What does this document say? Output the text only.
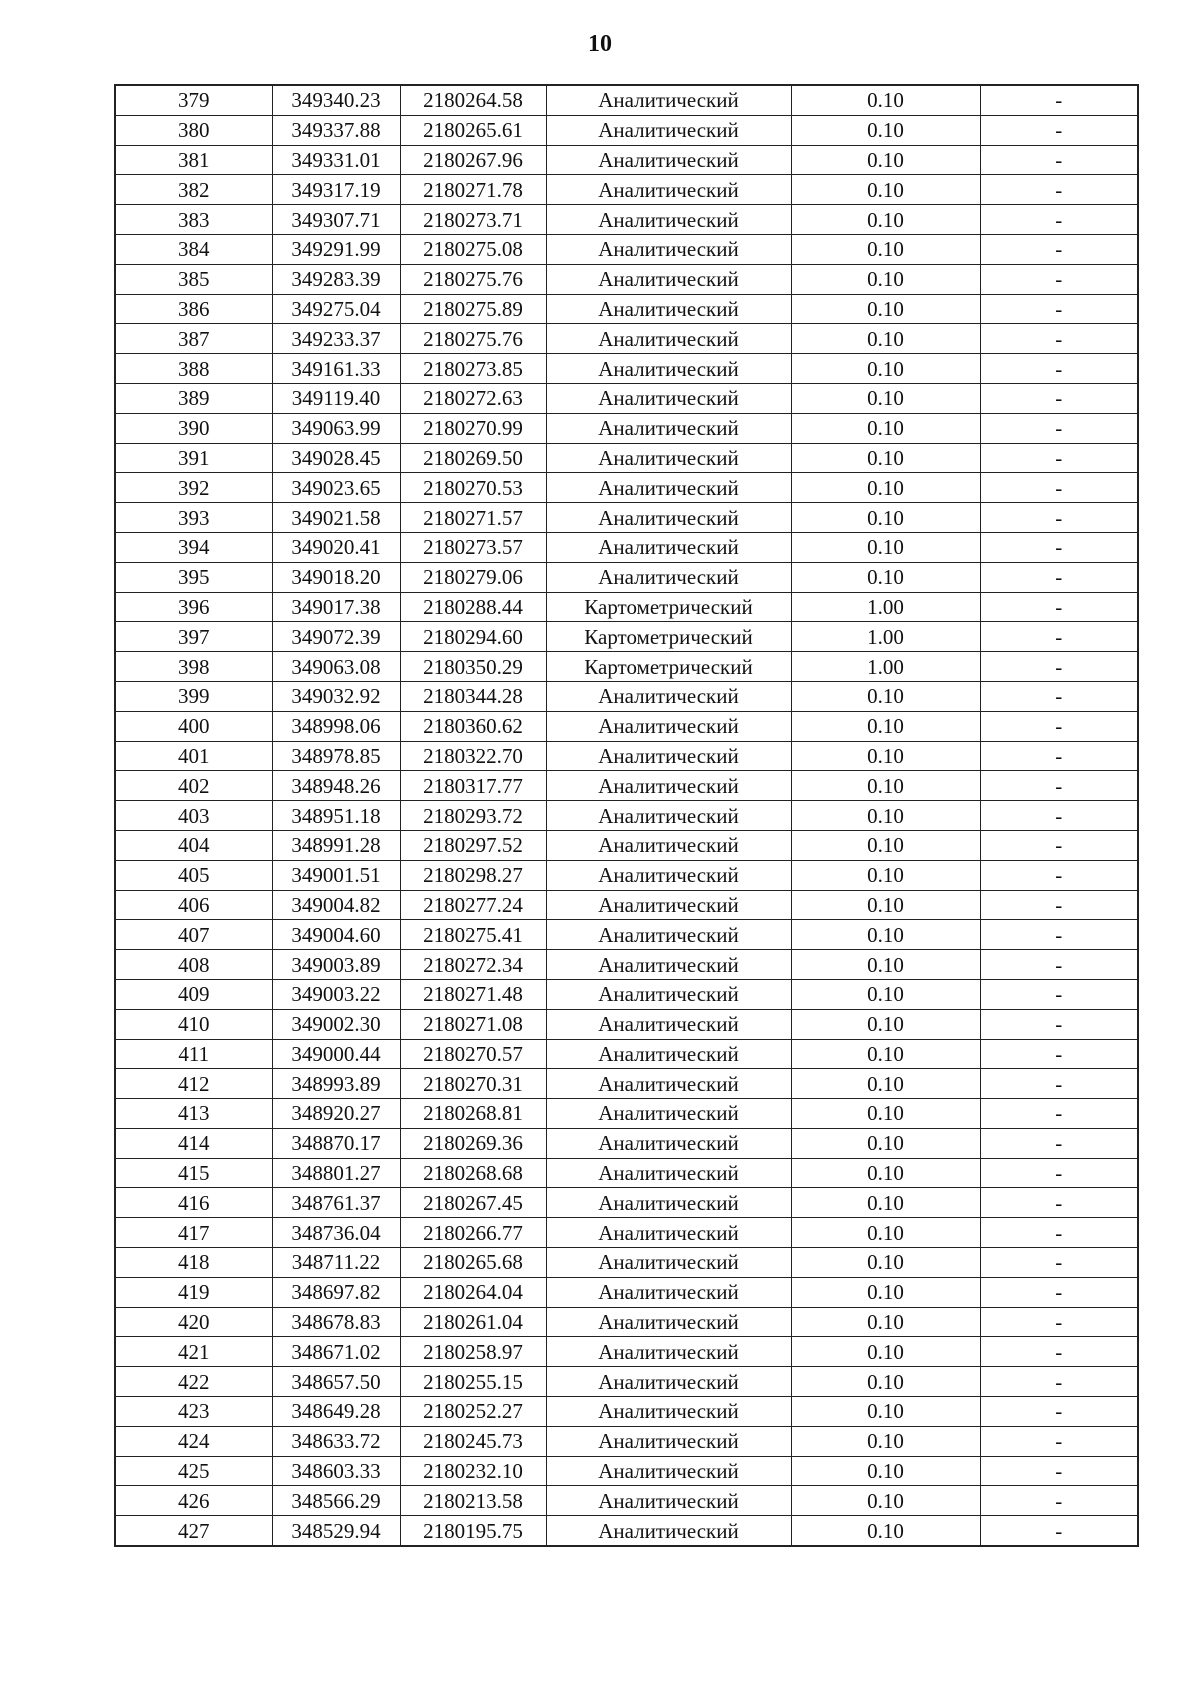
10
379	349340.23	2180264.58	Аналитический	0.10	-
380	349337.88	2180265.61	Аналитический	0.10	-
381	349331.01	2180267.96	Аналитический	0.10	-
382	349317.19	2180271.78	Аналитический	0.10	-
383	349307.71	2180273.71	Аналитический	0.10	-
384	349291.99	2180275.08	Аналитический	0.10	-
385	349283.39	2180275.76	Аналитический	0.10	-
386	349275.04	2180275.89	Аналитический	0.10	-
387	349233.37	2180275.76	Аналитический	0.10	-
388	349161.33	2180273.85	Аналитический	0.10	-
389	349119.40	2180272.63	Аналитический	0.10	-
390	349063.99	2180270.99	Аналитический	0.10	-
391	349028.45	2180269.50	Аналитический	0.10	-
392	349023.65	2180270.53	Аналитический	0.10	-
393	349021.58	2180271.57	Аналитический	0.10	-
394	349020.41	2180273.57	Аналитический	0.10	-
395	349018.20	2180279.06	Аналитический	0.10	-
396	349017.38	2180288.44	Картометрический	1.00	-
397	349072.39	2180294.60	Картометрический	1.00	-
398	349063.08	2180350.29	Картометрический	1.00	-
399	349032.92	2180344.28	Аналитический	0.10	-
400	348998.06	2180360.62	Аналитический	0.10	-
401	348978.85	2180322.70	Аналитический	0.10	-
402	348948.26	2180317.77	Аналитический	0.10	-
403	348951.18	2180293.72	Аналитический	0.10	-
404	348991.28	2180297.52	Аналитический	0.10	-
405	349001.51	2180298.27	Аналитический	0.10	-
406	349004.82	2180277.24	Аналитический	0.10	-
407	349004.60	2180275.41	Аналитический	0.10	-
408	349003.89	2180272.34	Аналитический	0.10	-
409	349003.22	2180271.48	Аналитический	0.10	-
410	349002.30	2180271.08	Аналитический	0.10	-
411	349000.44	2180270.57	Аналитический	0.10	-
412	348993.89	2180270.31	Аналитический	0.10	-
413	348920.27	2180268.81	Аналитический	0.10	-
414	348870.17	2180269.36	Аналитический	0.10	-
415	348801.27	2180268.68	Аналитический	0.10	-
416	348761.37	2180267.45	Аналитический	0.10	-
417	348736.04	2180266.77	Аналитический	0.10	-
418	348711.22	2180265.68	Аналитический	0.10	-
419	348697.82	2180264.04	Аналитический	0.10	-
420	348678.83	2180261.04	Аналитический	0.10	-
421	348671.02	2180258.97	Аналитический	0.10	-
422	348657.50	2180255.15	Аналитический	0.10	-
423	348649.28	2180252.27	Аналитический	0.10	-
424	348633.72	2180245.73	Аналитический	0.10	-
425	348603.33	2180232.10	Аналитический	0.10	-
426	348566.29	2180213.58	Аналитический	0.10	-
427	348529.94	2180195.75	Аналитический	0.10	-
